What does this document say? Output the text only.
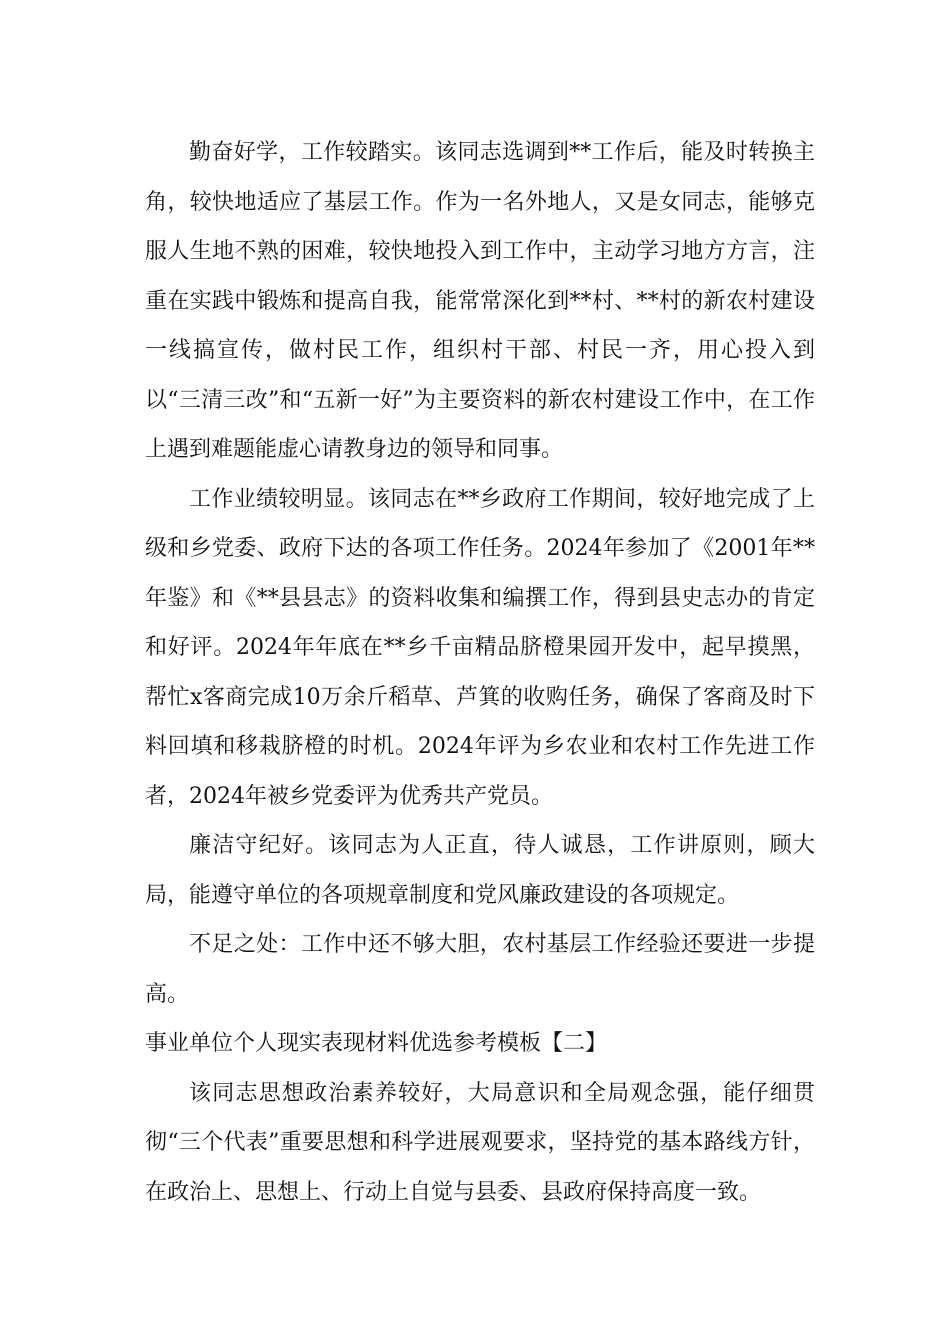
勤奋好学，工作较踏实。该同志选调到**工作后，能及时转换主角，较快地适应了基层工作。作为一名外地人，又是女同志，能够克服人生地不熟的困难，较快地投入到工作中，主动学习地方方言，注重在实践中锻炼和提高自我，能常常深化到**村、**村的新农村建设一线搞宣传，做村民工作，组织村干部、村民一齐，用心投入到以“三清三改”和“五新一好”为主要资料的新农村建设工作中，在工作上遇到难题能虚心请教身边的领导和同事。

工作业绩较明显。该同志在**乡政府工作期间，较好地完成了上级和乡党委、政府下达的各项工作任务。2024年参加了《2001年**年鉴》和《**县县志》的资料收集和编撰工作，得到县史志办的肯定和好评。2024年年底在**乡千亩精品脐橙果园开发中，起早摸黑，帮忙x客商完成10万余斤稻草、芦箕的收购任务，确保了客商及时下料回填和移栽脐橙的时机。2024年评为乡农业和农村工作先进工作者，2024年被乡党委评为优秀共产党员。

廉洁守纪好。该同志为人正直，待人诚恳，工作讲原则，顾大局，能遵守单位的各项规章制度和党风廉政建设的各项规定。

不足之处：工作中还不够大胆，农村基层工作经验还要进一步提高。

事业单位个人现实表现材料优选参考模板【二】

该同志思想政治素养较好，大局意识和全局观念强，能仔细贯彻“三个代表”重要思想和科学进展观要求，坚持党的基本路线方针，在政治上、思想上、行动上自觉与县委、县政府保持高度一致。
